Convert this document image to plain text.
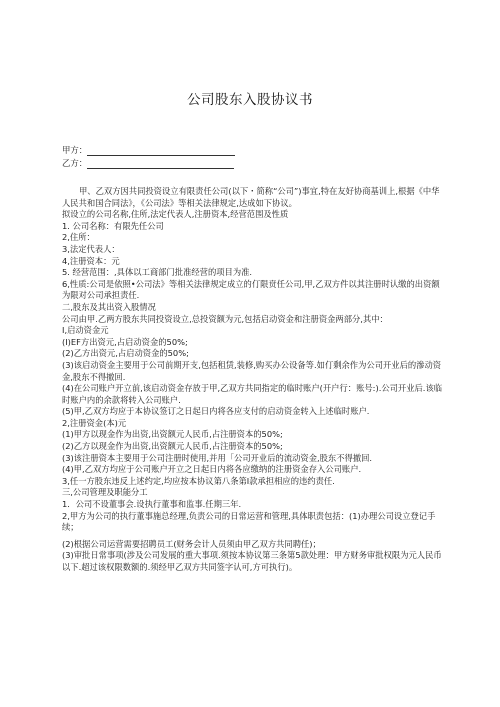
公司股东入股协议书
甲方：
乙方：

甲、乙双方因共同投资设立有限责任公司(以下・简称“公司”)事宜,特在友好协商基训上,根据《中华人民共和国合同法》，《公司法》等相关法律规定,达成如下协议。

拟设立的公司名称,住所,法定代表人,注册资本,经营范围及性质

1. 公司名称：有限先任公司

2,住所：

3,法定代表人：

4,注册资本：元

5. 经营范围：,具体以工商部门批准经营的项目为准.

6,性质:公司是依照•公司法》等相关法律规定成立的仃限贲任公司,甲,乙双方件以其注册时认缴的出资额为限对公司承担责任.

二,股东及其出资入股情况

公司由甲.乙两方股东共同投资设立,总投资额为元,包括启动资金和注册资金两部分,其中：

I,启动资金元

(I)EF方出资元,占启动资金的50%;

(2)乙方出资元,占启动资金的50%;

(3)该启动资金主要用于公司前期开支,包括租赁,装修,购买办公设备等.如仃剩余作为公司开业后的滲动资金,股东不得撤回.

(4)在公司账户开立前,该启动资金存放于甲,乙双方共同指定的临时账户(开户行：账号:).公司开业后.该临时账户内的余款将转入公司账户.

(5)甲,乙双方均应于本协议签订之日起日内将各应支付的启动资金转入上述临时账户.

2,注册资金(本)元

(1)甲方以现金作为出资,出资额元人民币,占注册资本的50%;

(2)乙方以现金作为出资,出资额元人民币,占注册资本的50%;

(3)该注册资本主要用于公司注册时使用,并用「公司开业后的流动资金,股东不得撤回.

(4)甲,乙双方均应于公司账户开立之日起日内将各应缴纳的注册资金存入公司账户.

3,任一方股东违反上述约定,均应按本协议第八条第I款承担相应的违约责任.

三,公司管理及职能分工

1．公司不设董事会.设执行董事和监事.任期三年.

2,甲方为公司的执行董事施总经理,负责公司的日常运营和管理,具体职责包括：(1)办理公司设立登记手续；

(2)根据公司运营需要招聘员工(财务会计人员须由甲乙双方共同聘任)；

(3)审批日常事项(涉及公司发展的重大事项.须按本协议第三条第5款处理：甲方财务审批权限为元人民币以下.超过该权限数额的.须经甲乙双方共同签字认可,方可执行)。
